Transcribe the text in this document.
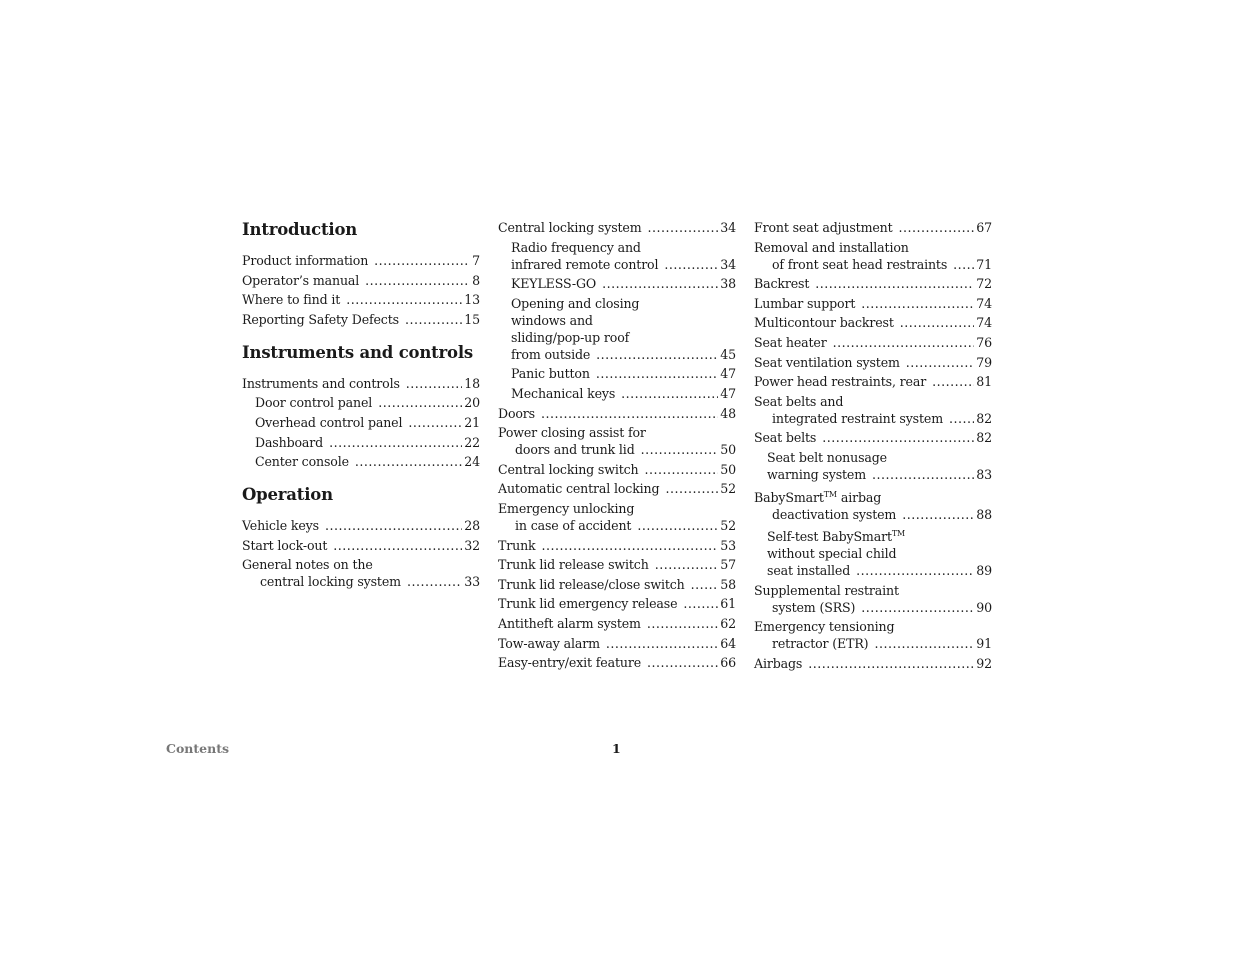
Introduction
Product information .....	7
Operator’s manual .....	8
Where to find it .....	13
Reporting Safety Defects .....	15
Instruments and controls
Instruments and controls .....	18
Door control panel .....	20
Overhead control panel .....	21
Dashboard .....	22
Center console .....	24
Operation
Vehicle keys .....	28
Start lock-out .....	32
General notes on the
central locking system .....	33
Central locking system .....	34
Radio frequency and
infrared remote control .....	34
KEYLESS-GO .....	38
Opening and closing
windows and
sliding/pop-up roof
from outside .....	45
Panic button .....	47
Mechanical keys .....	47
Doors .....	48
Power closing assist for
doors and trunk lid .....	50
Central locking switch .....	50
Automatic central locking .....	52
Emergency unlocking
in case of accident .....	52
Trunk .....	53
Trunk lid release switch .....	57
Trunk lid release/close switch .....	58
Trunk lid emergency release .....	61
Antitheft alarm system .....	62
Tow-away alarm .....	64
Easy-entry/exit feature .....	66
Front seat adjustment .....	67
Removal and installation
of front seat head restraints ..... 71
Backrest .....	72
Lumbar support .....	74
Multicontour backrest .....	74
Seat heater .....	76
Seat ventilation system .....	79
Power head restraints, rear .....	81
Seat belts and
integrated restraint system .....	82
Seat belts .....	82
Seat belt nonusage
warning system .....	83
BabySmart™ airbag
deactivation system .....	88
Self-test BabySmart™
without special child
seat installed .....	89
Supplemental restraint
system (SRS) .....	90
Emergency tensioning
retractor (ETR) .....	91
Airbags .....	92
Contents	1
